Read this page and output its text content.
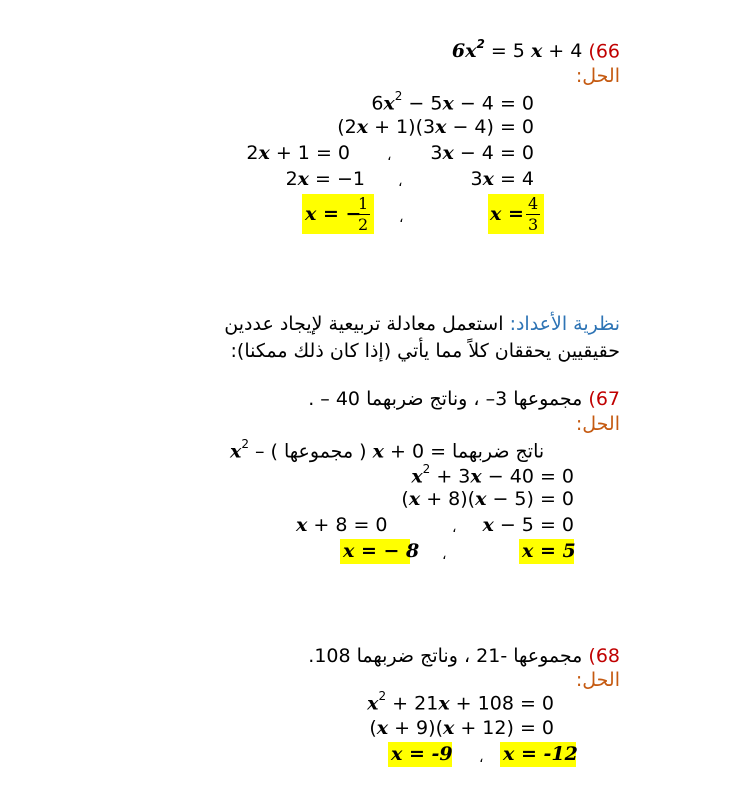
$6x^2 = 5$ x + 4 (66
الحل:
$6x^2 - 5x - 4 = 0$
(2x + 1)(3x − 4) = 0
3x − 4 = 0
،
2x + 1 = 0
3x = 4
،
2x = −1
x = −
$\frac{1}{2}$ ،	$x = \frac{4}{3}$
نظرية الأعداد: استعمل معادلة تربيعية لإيجاد عددين
حقيقيين يحققان كلاً مما يأتي (إذا كان ذلك ممكنا):
67) مجموعها 3– ، وناتج ضربهما 40 – .
الحل:
$x^2$ – ( مجموعها ) x + ناتج ضربهما = 0
$x^2 + 3x - 40 = 0$
(x + 8)(x − 5) = 0
x − 5 = 0
،
x + 8 = 0
x = − 8 ،	x = 5
68) مجموعها -21 ، وناتج ضربهما 108.
الحل:
$x^2 + 21x + 108 = 0$
(x + 9)(x + 12) = 0
x = -9 ، x = -12
